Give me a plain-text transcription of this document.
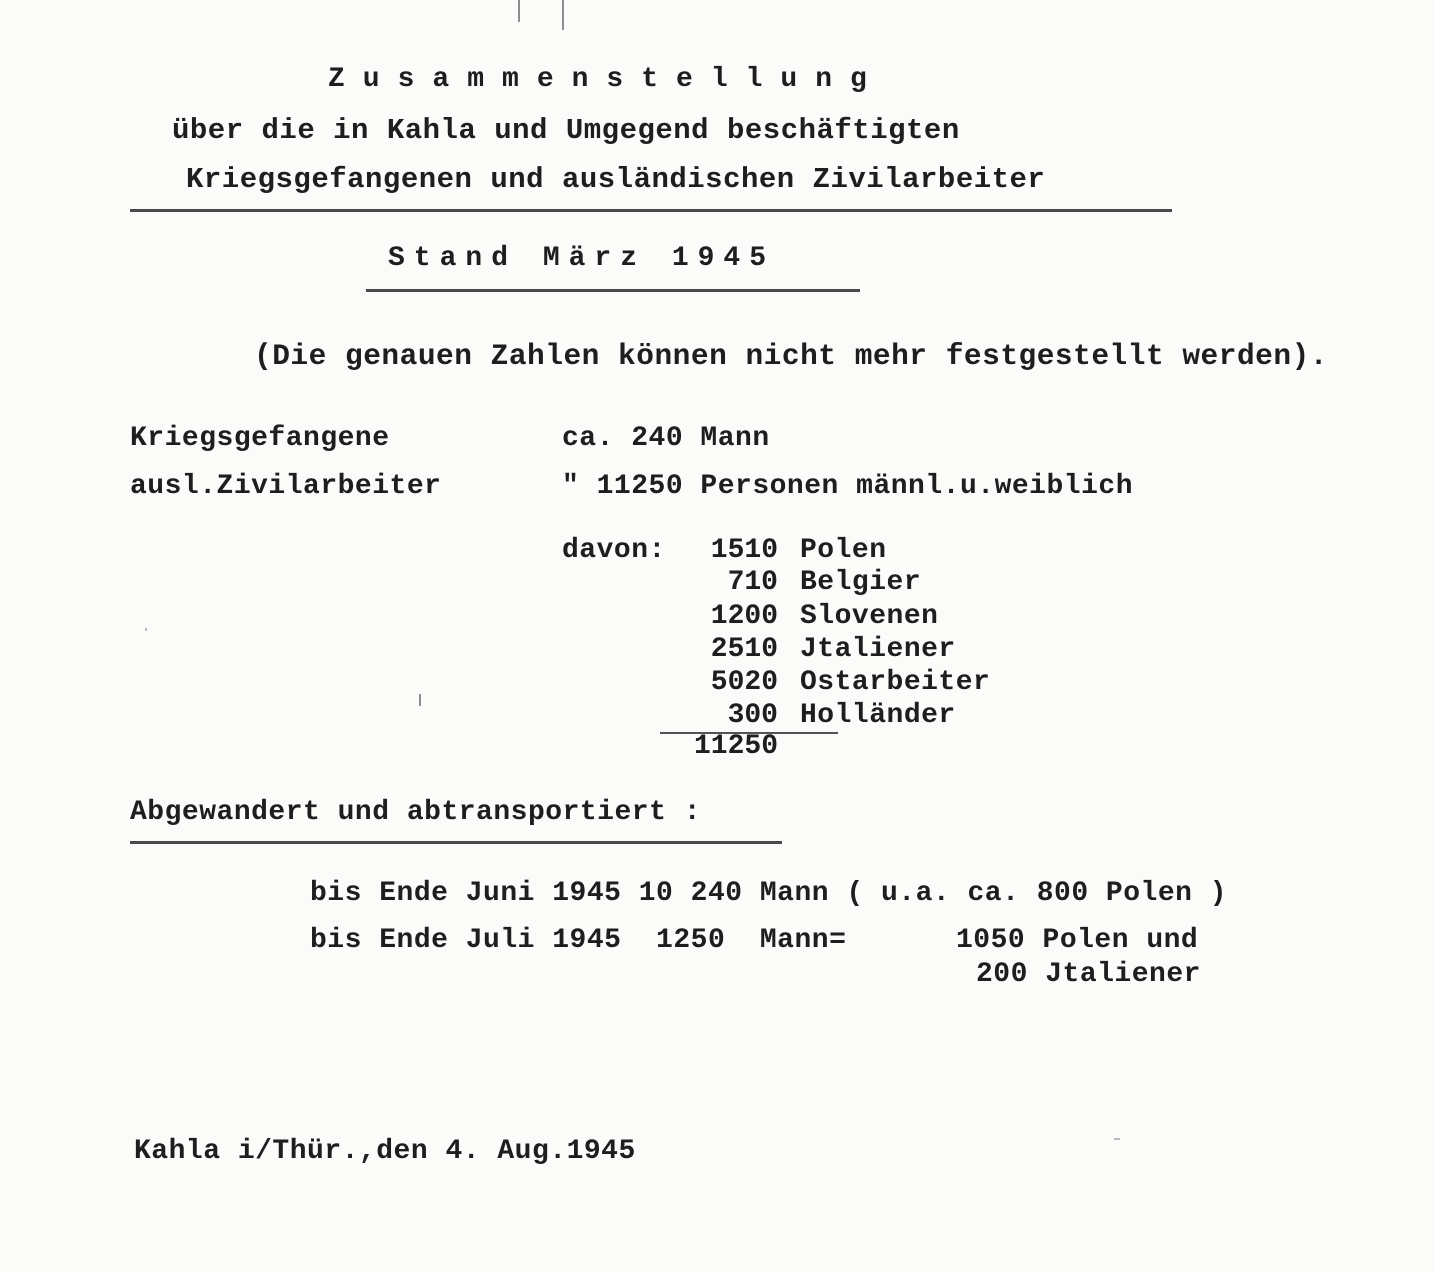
Zusammenstellung
über die in Kahla und Umgegend beschäftigten
Kriegsgefangenen und ausländischen Zivilarbeiter
Stand März 1945
(Die genauen Zahlen können nicht mehr festgestellt werden).
Kriegsgefangene	ca. 240 Mann
ausl.Zivilarbeiter	" 11250 Personen männl.u.weiblich
davon:	1510 Polen
710 Belgier
1200 Slovenen
2510 Jtaliener
5020 Ostarbeiter
300 Holländer
11250
Abgewandert und abtransportiert :
bis Ende Juni 1945 10 240 Mann ( u.a. ca. 800 Polen )
bis Ende Juli 1945  1250  Mann=	1050 Polen und
200 Jtaliener
Kahla i/Thür.,den 4. Aug.1945
